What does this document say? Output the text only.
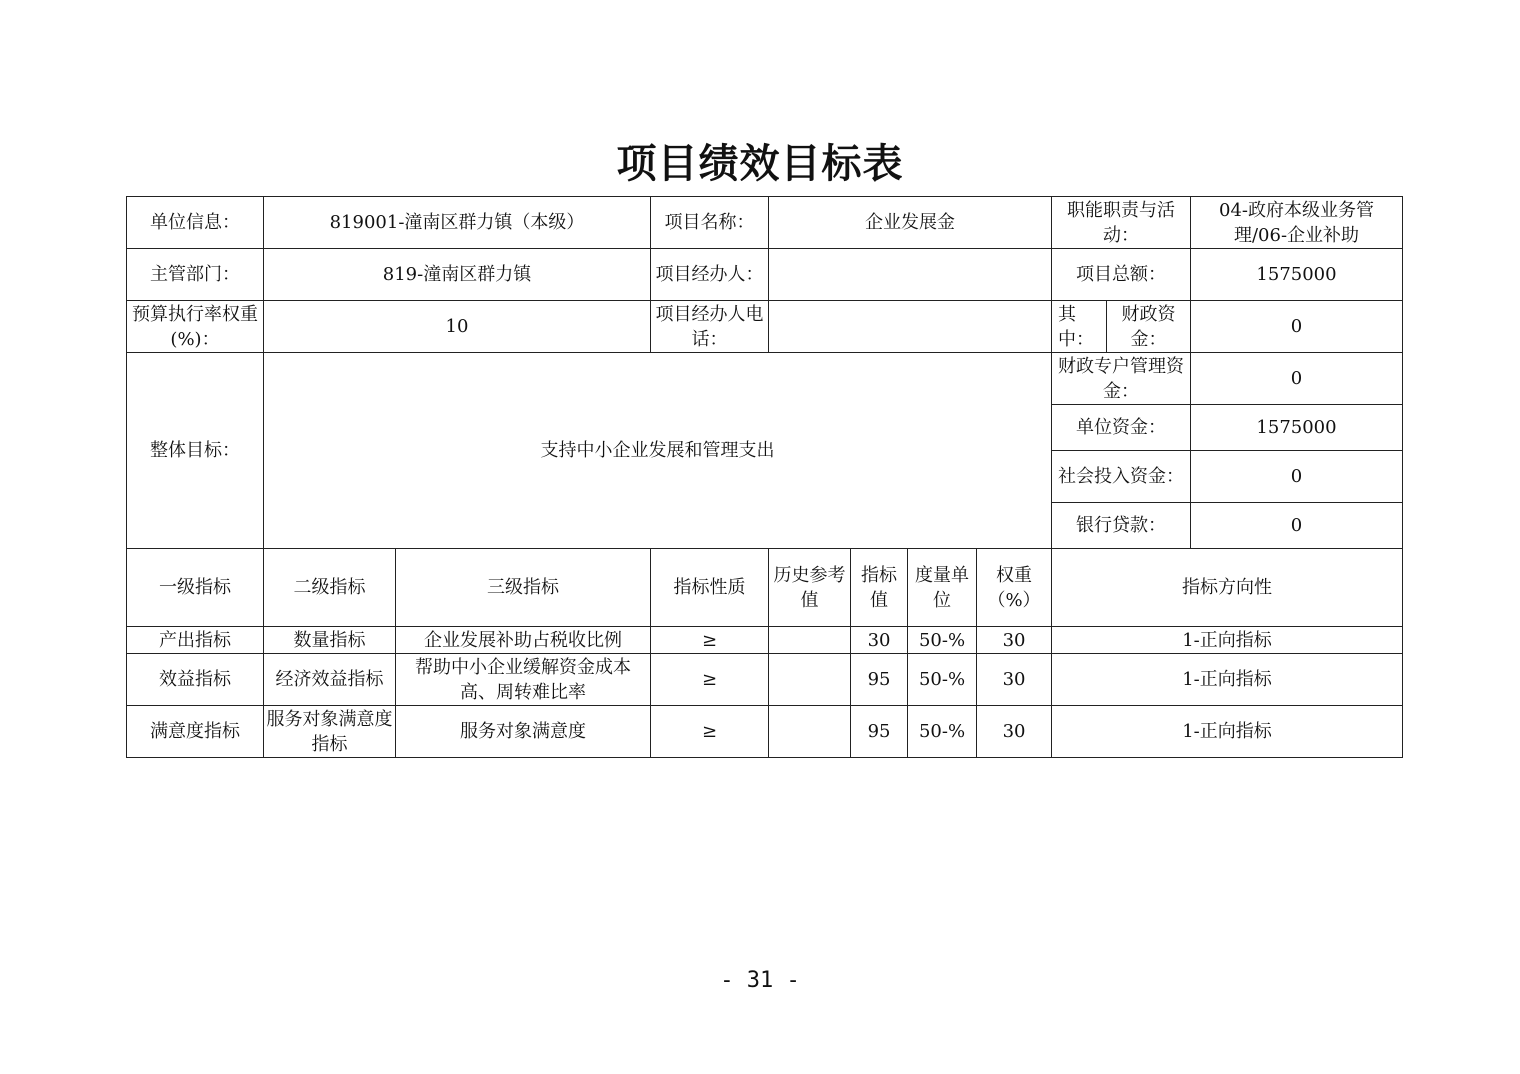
项目绩效目标表
单位信息：	819001-潼南区群力镇（本级）		项目名称：	企业发展金				职能职责与活动：		04-政府本级业务管理/06-企业补助
主管部门：	819-潼南区群力镇		项目经办人：					项目总额：		1575000
预算执行率权重(%)：	10		项目经办人电话：					其中：	财政资金：	0
整体目标：	支持中小企业发展和管理支出							财政专户管理资金：		0
								单位资金：		1575000
								社会投入资金：		0
								银行贷款：		0
一级指标	二级指标	三级指标	指标性质	历史参考值	指标值	度量单位	权重（%）	指标方向性		
产出指标	数量指标	企业发展补助占税收比例	≥		30	50-%	30	1-正向指标		
效益指标	经济效益指标	帮助中小企业缓解资金成本高、周转难比率	≥		95	50-%	30	1-正向指标		
满意度指标	服务对象满意度指标	服务对象满意度	≥		95	50-%	30	1-正向指标		
- 31 -
